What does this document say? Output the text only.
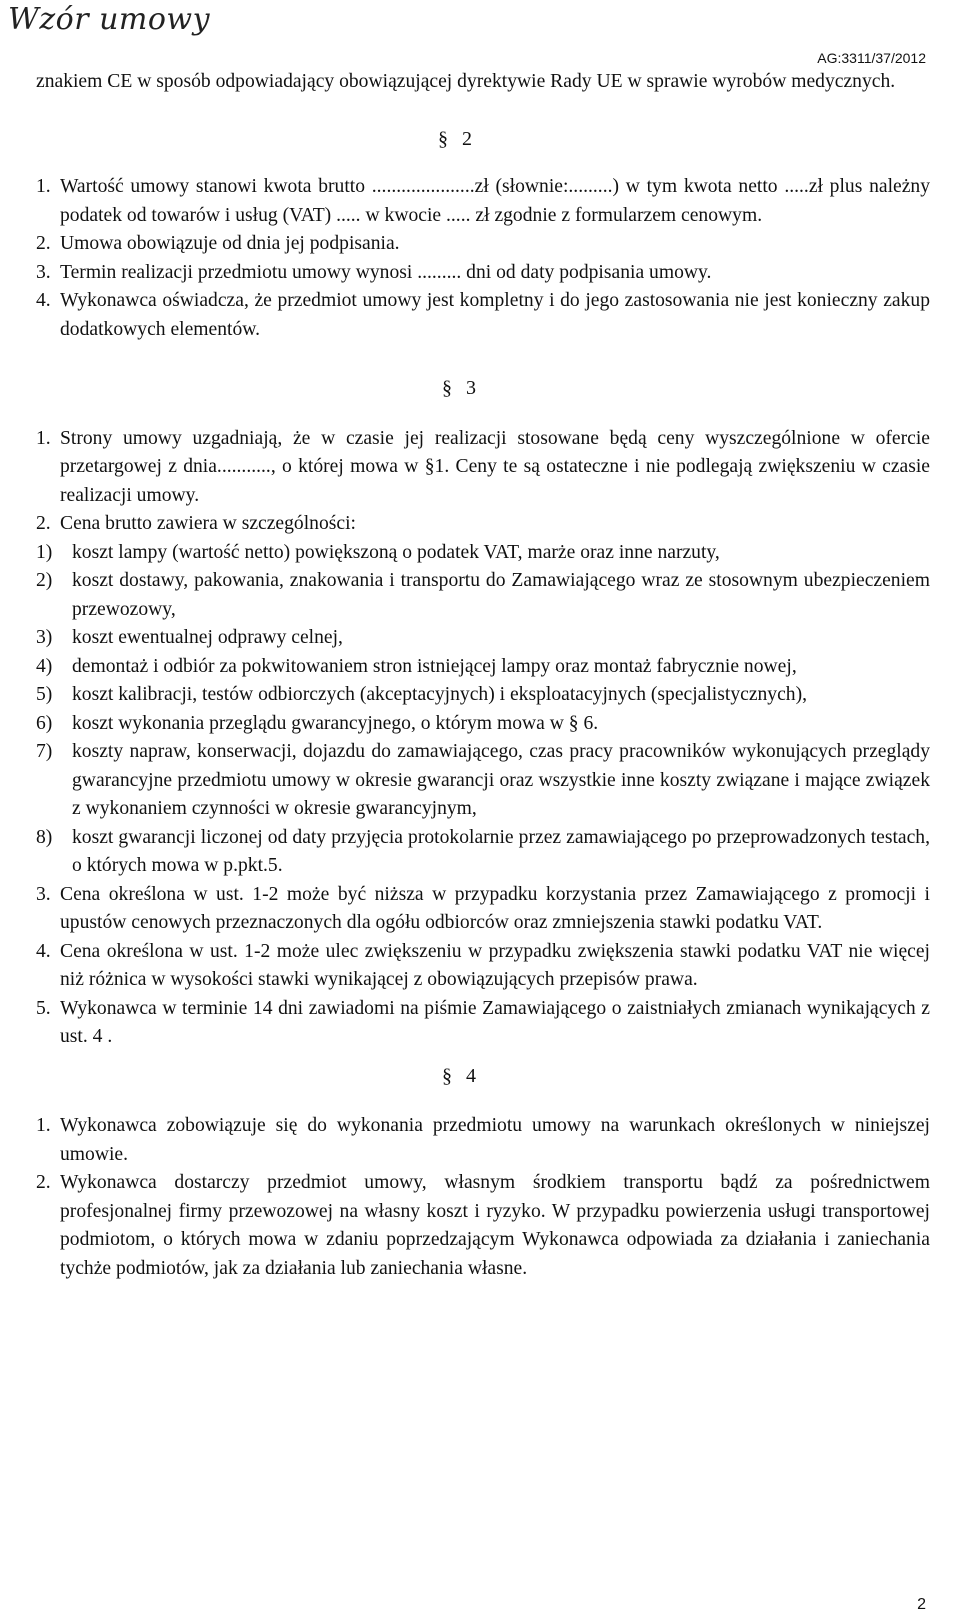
Wzór umowy
AG:3311/37/2012

znakiem CE w sposób odpowiadający obowiązującej dyrektywie Rady UE w sprawie wyrobów medycznych.

§ 2
1. Wartość umowy stanowi kwota brutto .....................zł (słownie:.........) w tym kwota netto .....zł plus należny podatek od towarów i usług (VAT) ..... w kwocie ..... zł zgodnie z formularzem cenowym.
2. Umowa obowiązuje od dnia jej podpisania.
3. Termin realizacji przedmiotu umowy wynosi ......... dni od daty podpisania umowy.
4. Wykonawca oświadcza, że przedmiot umowy jest kompletny i do jego zastosowania nie jest konieczny zakup dodatkowych elementów.
§ 3
1. Strony umowy uzgadniają, że w czasie jej realizacji stosowane będą ceny wyszczególnione w ofercie przetargowej z dnia..........., o której mowa w §1. Ceny te są ostateczne i nie podlegają zwiększeniu w czasie realizacji umowy.
2. Cena brutto zawiera w szczególności:
1)	koszt lampy (wartość netto) powiększoną o podatek VAT, marże oraz inne narzuty,
2)	koszt dostawy, pakowania, znakowania i transportu do Zamawiającego wraz ze stosownym ubezpieczeniem przewozowy,
3)	koszt ewentualnej odprawy celnej,
4)	demontaż i odbiór za pokwitowaniem stron istniejącej lampy oraz montaż fabrycznie nowej,
5)	koszt kalibracji, testów odbiorczych (akceptacyjnych) i eksploatacyjnych (specjalistycznych),
6)	koszt wykonania przeglądu gwarancyjnego, o którym mowa w § 6.
7)	koszty napraw, konserwacji, dojazdu do zamawiającego, czas pracy pracowników wykonujących przeglądy gwarancyjne przedmiotu umowy w okresie gwarancji oraz wszystkie inne koszty związane i mające związek z wykonaniem czynności w okresie gwarancyjnym,
8)	koszt gwarancji liczonej od daty przyjęcia protokolarnie przez zamawiającego po przeprowadzonych testach, o których mowa w p.pkt.5.
3. Cena określona w ust. 1-2 może być niższa w przypadku korzystania przez Zamawiającego z promocji i upustów cenowych przeznaczonych dla ogółu odbiorców oraz zmniejszenia stawki podatku VAT.
4. Cena określona w ust. 1-2 może ulec zwiększeniu w przypadku zwiększenia stawki podatku VAT nie więcej niż różnica w wysokości stawki wynikającej z obowiązujących przepisów prawa.
5. Wykonawca w terminie 14 dni zawiadomi na piśmie Zamawiającego o zaistniałych zmianach wynikających z ust. 4 .
§ 4
1. Wykonawca zobowiązuje się do wykonania przedmiotu umowy na warunkach określonych w niniejszej umowie.
2. Wykonawca dostarczy przedmiot umowy, własnym środkiem transportu bądź za pośrednictwem profesjonalnej firmy przewozowej na własny koszt i ryzyko. W przypadku powierzenia usługi transportowej podmiotom, o których mowa w zdaniu poprzedzającym Wykonawca odpowiada za działania i zaniechania tychże podmiotów, jak za działania lub zaniechania własne.
2
